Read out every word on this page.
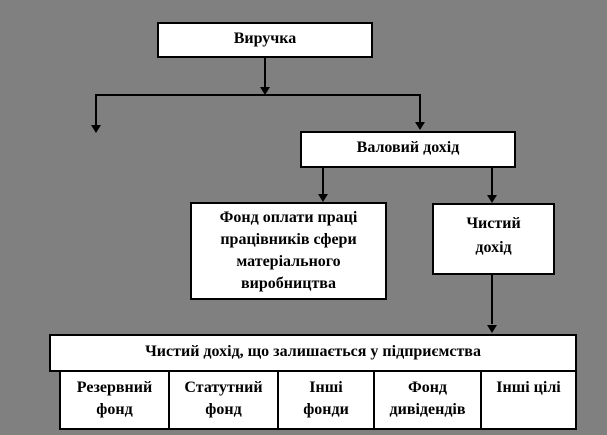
Виручка
Валовий дохід
Фонд оплати праці працівників сфери матеріального виробництва
Чистий дохід
Чистий дохід, що залишається у підприємства
Резервний фонд
Статутний фонд
Інші фонди
Фонд дивідендів
Інші цілі
